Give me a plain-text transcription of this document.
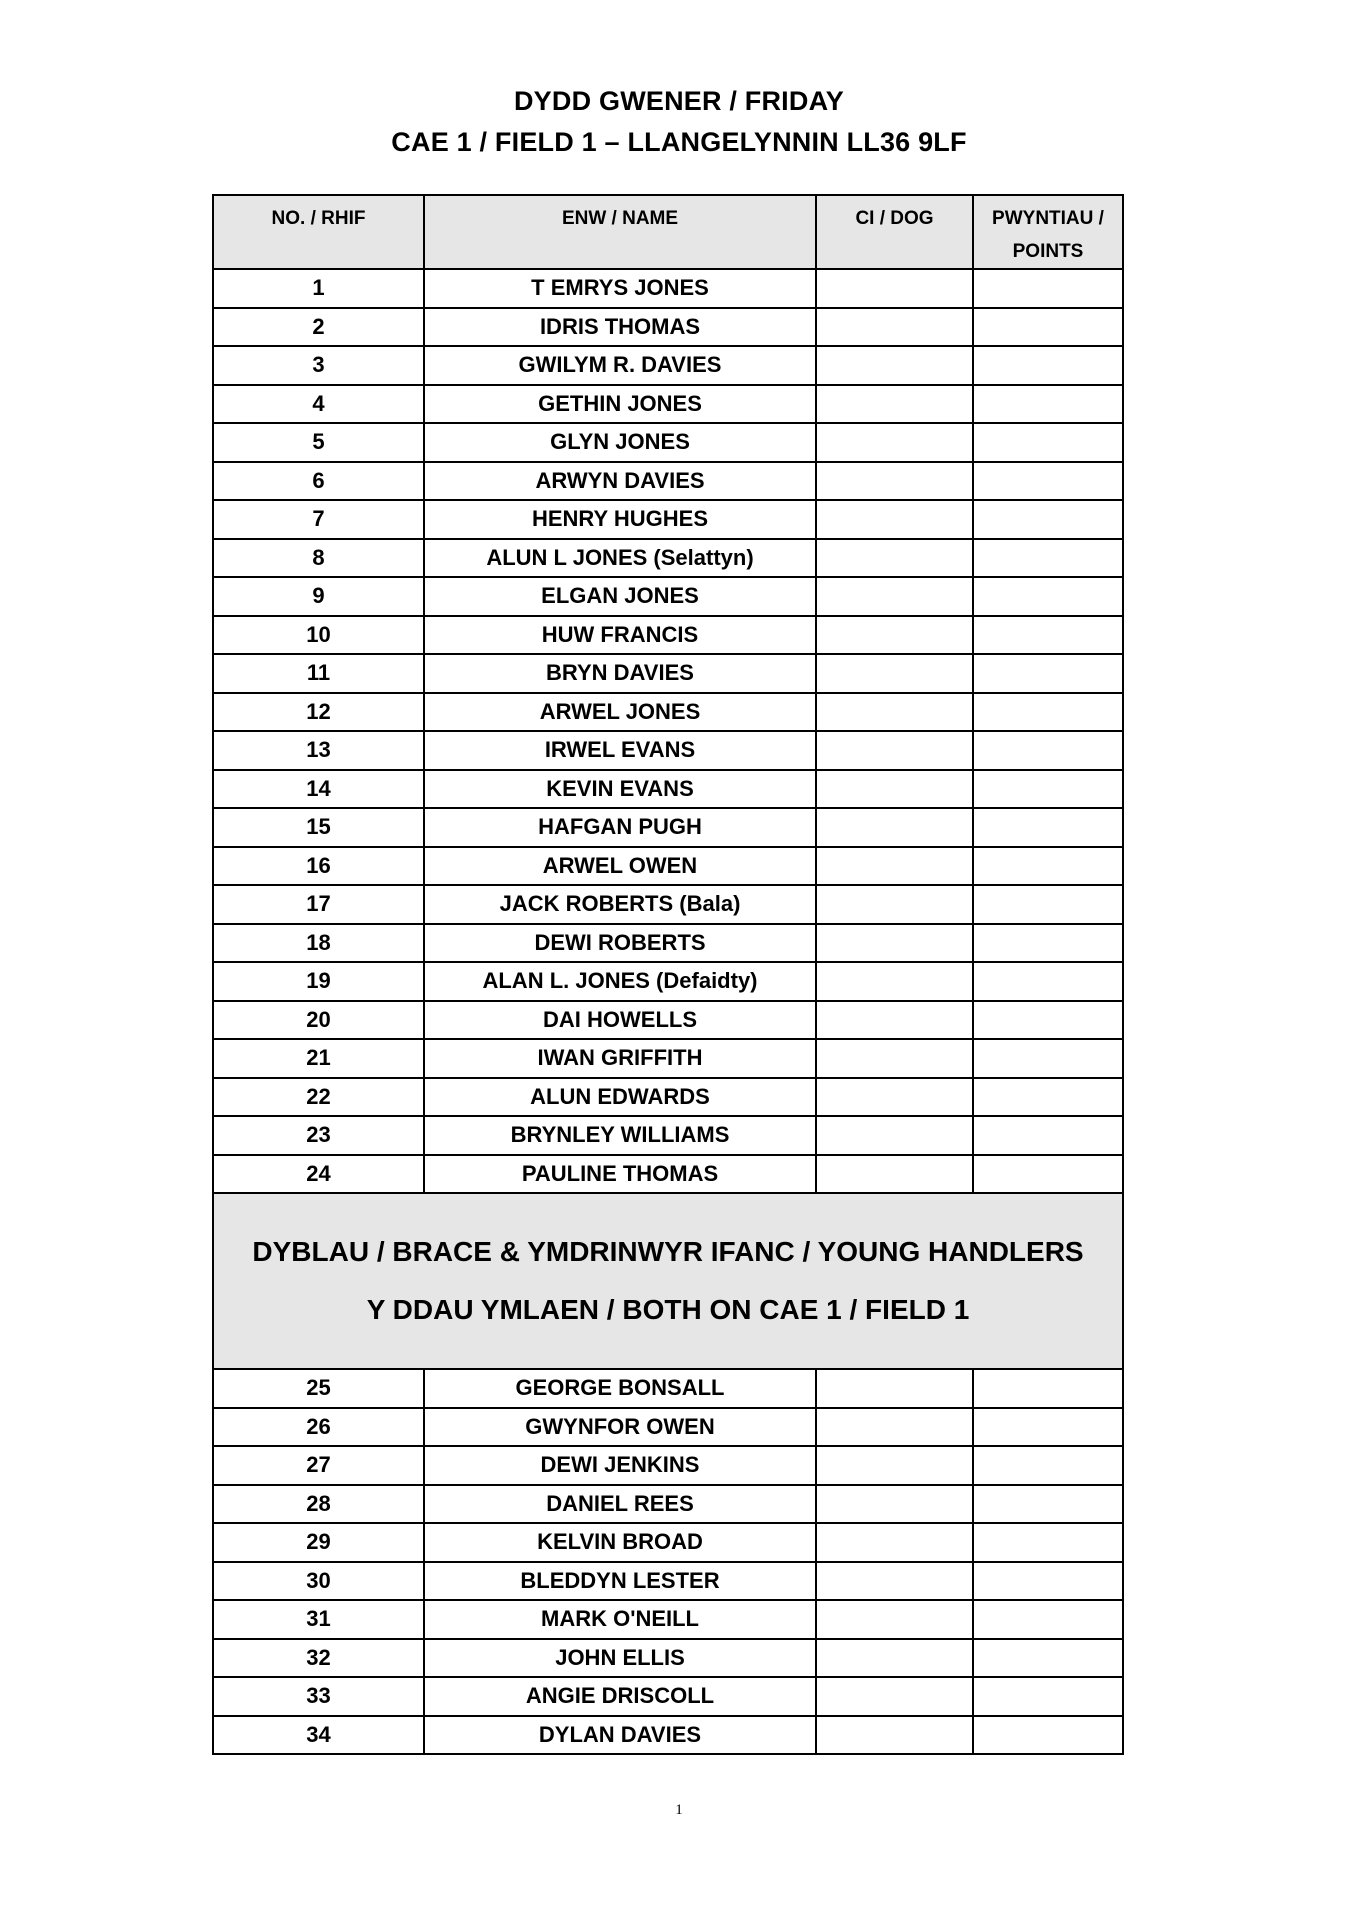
DYDD GWENER / FRIDAY
CAE 1 / FIELD 1 – LLANGELYNNIN LL36 9LF
NO. / RHIF	ENW / NAME	CI / DOG	PWYNTIAU / POINTS
1	T EMRYS JONES		
2	IDRIS THOMAS		
3	GWILYM R. DAVIES		
4	GETHIN JONES		
5	GLYN JONES		
6	ARWYN DAVIES		
7	HENRY HUGHES		
8	ALUN L JONES (Selattyn)		
9	ELGAN JONES		
10	HUW FRANCIS		
11	BRYN DAVIES		
12	ARWEL JONES		
13	IRWEL EVANS		
14	KEVIN EVANS		
15	HAFGAN PUGH		
16	ARWEL OWEN		
17	JACK ROBERTS (Bala)		
18	DEWI ROBERTS		
19	ALAN L. JONES (Defaidty)		
20	DAI HOWELLS		
21	IWAN GRIFFITH		
22	ALUN EDWARDS		
23	BRYNLEY WILLIAMS		
24	PAULINE THOMAS		

DYBLAU / BRACE & YMDRINWYR IFANC / YOUNG HANDLERS
Y DDAU YMLAEN / BOTH ON CAE 1 / FIELD 1			

25	GEORGE BONSALL		
26	GWYNFOR OWEN		
27	DEWI JENKINS		
28	DANIEL REES		
29	KELVIN BROAD		
30	BLEDDYN LESTER		
31	MARK O'NEILL		
32	JOHN ELLIS		
33	ANGIE DRISCOLL		
34	DYLAN DAVIES		
1
